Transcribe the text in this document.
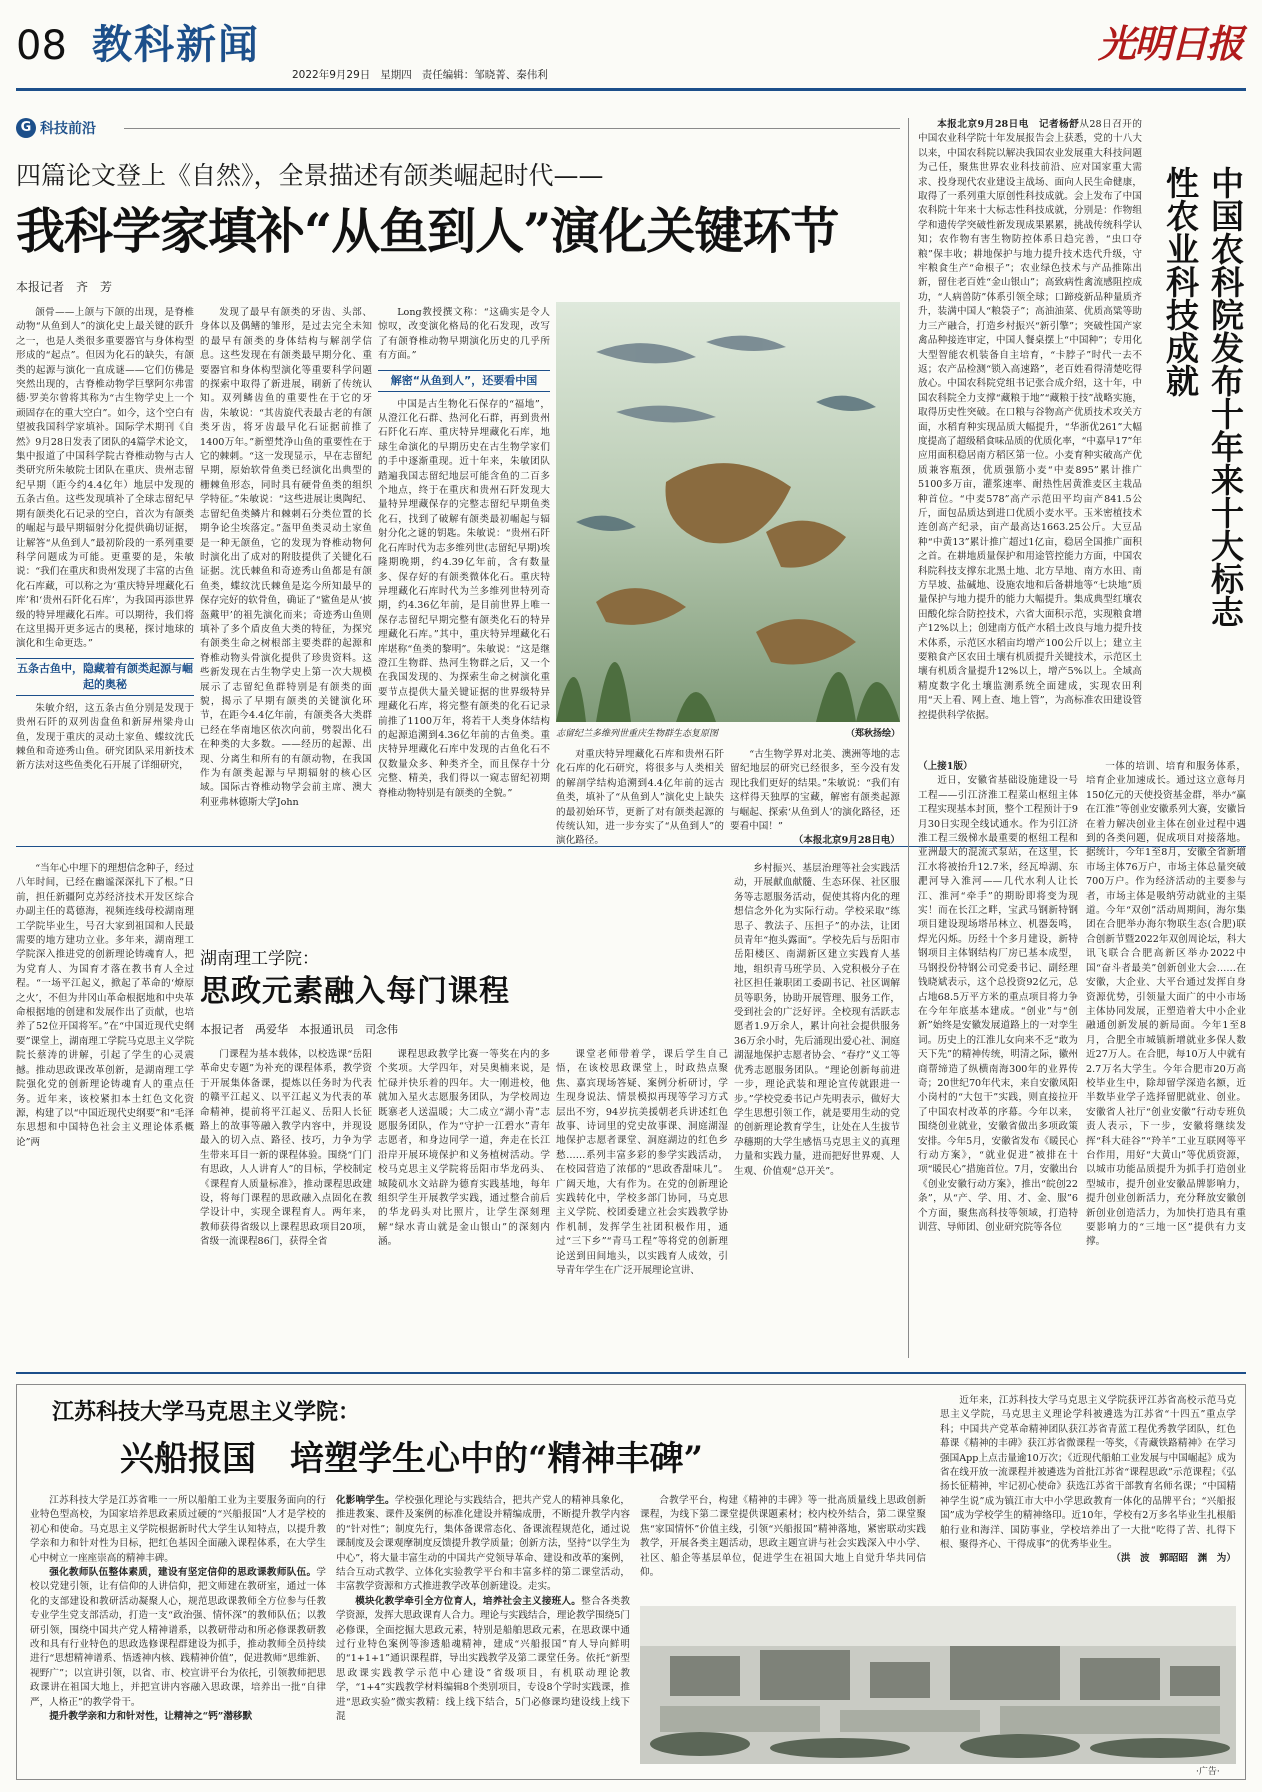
08 教科新闻
2022年9月29日 星期四 责任编辑：邹晓菁、秦伟利
光明日报
G 科技前沿
四篇论文登上《自然》，全景描述有颌类崛起时代——
我科学家填补“从鱼到人”演化关键环节
本报记者　齐　芳

颌骨——上颌与下颌的出现，是脊椎动物“从鱼到人”的演化史上最关键的跃升之一，也是人类很多重要器官与身体构型形成的“起点”。但因为化石的缺失，有颌类的起源与演化一直成谜——它们仿佛是突然出现的，古脊椎动物学巨擘阿尔弗雷德·罗美尔曾将其称为“古生物学史上一个顽固存在的重大空白”。如今，这个空白有望被我国科学家填补。国际学术期刊《自然》9月28日发表了团队的4篇学术论文，集中报道了中国科学院古脊椎动物与古人类研究所朱敏院士团队在重庆、贵州志留纪早期（距今约4.4亿年）地层中发现的五条古鱼。这些发现填补了全球志留纪早期有颌类化石记录的空白，首次为有颌类的崛起与最早期辐射分化提供确切证据，让解答“从鱼到人”最初阶段的一系列重要科学问题成为可能。更重要的是，朱敏说：“我们在重庆和贵州发现了丰富的古鱼化石库藏，可以称之为‘重庆特异埋藏化石库’和‘贵州石阡化石库’，为我国再添世界级的特异埋藏化石库。可以期待，我们将在这里揭开更多远古的奥秘，探讨地球的演化和生命更迭。”

五条古鱼中，隐藏着有颌类起源与崛起的奥秘

朱敏介绍，这五条古鱼分别是发现于贵州石阡的双列齿盘鱼和新屏州梁舟山鱼，发现于重庆的灵动土家鱼、蝶纹沈氏棘鱼和奇迹秀山鱼。研究团队采用新技术新方法对这些鱼类化石开展了详细研究，

发现了最早有颌类的牙齿、头部、身体以及偶鳍的雏形，是过去完全未知的最早有颌类的身体结构与解剖学信息。这些发现在有颌类最早期分化、重要器官和身体构型演化等重要科学问题的探索中取得了新进展，刷新了传统认知。双列鳞齿鱼的重要性在于它的牙齿，朱敏说：“其齿旋代表最古老的有颌类牙齿，将牙齿最早化石证据前推了1400万年。”新塑梵净山鱼的重要性在于它的棘刺。“这一发现显示，早在志留纪早期，原始软骨鱼类已经演化出典型的栅棘鱼形态，同时具有硬骨鱼类的组织学特征。”朱敏说：“这些进展让奥陶纪、志留纪鱼类鳞片和棘刺石分类位置的长期争论尘埃落定。”盔甲鱼类灵动土家鱼是一种无颌鱼，它的发现为脊椎动物何时演化出了成对的附肢提供了关键化石证据。沈氏棘鱼和奇迹秀山鱼都是有颌鱼类，蝶纹沈氏棘鱼是迄今所知最早的保存完好的软骨鱼，确证了“鲨鱼是从‘披盔戴甲’的祖先演化而来；奇迹秀山鱼则填补了多个盾皮鱼大类的特征，为探究有颌类生命之树根部主要类群的起源和脊椎动物头骨演化提供了珍贵资料。这些新发现在古生物学史上第一次大规模展示了志留纪鱼群特别是有颌类的面貌，揭示了早期有颌类的关键演化环节，在距今4.4亿年前，有颌类各大类群已经在华南地区依次向前，劈裂出化石在种类的大多数。——经历的起源、出现、分离生和所有的有颌动物，在我国作为有颌类起源与早期辐射的核心区域。国际古脊椎动物学会前主席、澳大利亚弗林德斯大学John

Long教授撰文称：“这确实是令人惊叹，改变演化格局的化石发现，改写了有颌脊椎动物早期演化历史的几乎所有方面。”

解密“从鱼到人”，还要看中国

中国是古生物化石保存的“福地”，从澄江化石群、热河化石群，再到贵州石阡化石库、重庆特异埋藏化石库，地球生命演化的早期历史在古生物学家们的手中逐渐重现。近十年来，朱敏团队踏遍我国志留纪地层可能含鱼的二百多个地点，终于在重庆和贵州石阡发现大量特异埋藏保存的完整志留纪早期鱼类化石，找到了破解有颌类最初崛起与辐射分化之谜的钥匙。朱敏说：“贵州石阡化石库时代为志多维列世(志留纪早期)埃隆期晚期，约4.39亿年前，含有数量多、保存好的有颌类微体化石。重庆特异埋藏化石库时代为兰多维列世特列奇期，约4.36亿年前，是目前世界上唯一保存志留纪早期完整有颌类化石的特异埋藏化石库。”其中，重庆特异埋藏化石库堪称“鱼类的黎明”。朱敏说：“这是继澄江生物群、热河生物群之后，又一个在我国发现的、为探索生命之树演化重要节点提供大量关键证据的世界级特异埋藏化石库，将完整有颌类的化石记录前推了1100万年，将若干人类身体结构的起源追溯到4.36亿年前的古鱼类。重庆特异埋藏化石库中发现的古鱼化石不仅数量众多、种类齐全，而且保存十分完整、精美，我们得以一窥志留纪初期脊椎动物特别是有颌类的全貌。”

志留纪兰多维列世重庆生物群生态复原图	（郑秋扬绘）

对重庆特异埋藏化石库和贵州石阡化石库的化石研究，将很多与人类相关的解剖学结构追溯到4.4亿年前的远古鱼类，填补了“从鱼到人”演化史上缺失的最初始环节，更新了对有颌类起源的传统认知，进一步夯实了“从鱼到人”的演化路径。

“古生物学界对北美、澳洲等地的志留纪地层的研究已经很多，至今没有发现比我们更好的结果。”朱敏说：“我们有这样得天独厚的宝藏，解密有颌类起源与崛起、探索‘从鱼到人’的演化路径，还要看中国！”

（本报北京9月28日电）
中国农科院发布十年来十大标志性农业科技成就

本报北京9月28日电　记者杨舒从28日召开的中国农业科学院十年发展报告会上获悉，党的十八大以来，中国农科院以解决我国农业发展重大科技问题为己任，聚焦世界农业科技前沿、应对国家重大需求、投身现代农业建设主战场、面向人民生命健康，取得了一系列重大原创性科技成就。会上发布了中国农科院十年来十大标志性科技成就，分别是：作物组学和遗传学突破性新发现成果累累，挑战传统科学认知；农作物有害生物防控体系日趋完善，“虫口夺粮”保丰收；耕地保护与地力提升技术迭代升级，守牢粮食生产“命根子”；农业绿色技术与产品推陈出新，留住老百姓“金山银山”；高致病性禽流感阻控成功，“人病兽防”体系引领全球；口蹄疫新品种量质齐升，装满中国人“粮袋子”；高油油菜、优质高粱等助力三产融合，打造乡村振兴“新引擎”；突破性国产家禽品种接连审定，中国人餐桌摆上“中国种”；专用化大型智能农机装备自主培育，“卡脖子”时代一去不返；农产品检测“锁入高速路”，老百姓看得清楚吃得放心。中国农科院党组书记张合成介绍，这十年，中国农科院全力支撑“藏粮于地”“藏粮于技”战略实施，取得历史性突破。在口粮与谷物高产优质技术攻关方面，水稻育种实现品质大幅提升，“华浙优261”大幅度提高了超级稻食味品质的优质化率，“中嘉早17”年应用面积稳居南方稻区第一位。小麦育种实破高产优质兼容瓶颈，优质强筋小麦“中麦895”累计推广5100多万亩，灌浆速率、耐热性居黄淮麦区主栽品种首位。“中麦578”高产示范田平均亩产841.5公斤，面包品质达到进口优质小麦水平。玉米密植技术连创高产纪录，亩产最高达1663.25公斤。大豆品种“中黄13”累计推广超过1亿亩，稳居全国推广面积之首。在耕地质量保护和用途管控能力方面，中国农科院科技支撑东北黑土地、北方旱地、南方水田、南方旱坡、盐碱地、设施农地和后备耕地等“七块地”质量保护与地力提升的能力大幅提升。集成典型红壤农田酸化综合防控技术，六省大面积示范，实现粮食增产12%以上；创建南方低产水稻土改良与地力提升技术体系，示范区水稻亩均增产100公斤以上；建立主要粮食产区农田土壤有机质提升关键技术，示范区土壤有机质含量提升12%以上，增产5%以上。全域高精度数字化土壤监测系统全面建成，实现农田利用“天上看、网上查、地上管”，为高标准农田建设管控提供科学依据。

湖南理工学院：
思政元素融入每门课程
本报记者　禹爱华　本报通讯员　司念伟

“当年心中埋下的理想信念种子，经过八年时间，已经在幽谧深深扎下了根。”日前，担任新疆阿克苏经济技术开发区综合办副主任的葛德海，视频连线母校湖南理工学院毕业生，号召大家到祖国和人民最需要的地方建功立业。多年来，湖南理工学院深入推进党的创新理论铸魂育人，把为党育人、为国育才落在教书育人全过程。“一场平江起义，掀起了革命的‘燎原之火’，不但为井冈山革命根据地和中央革命根据地的创建和发展作出了贡献，也培养了52位开国将军。”在“中国近现代史纲要”课堂上，湖南理工学院马克思主义学院院长蔡涛的讲解，引起了学生的心灵震撼。推动思政课改革创新，是湖南理工学院强化党的创新理论铸魂育人的重点任务。近年来，该校紧扣本土红色文化资源，构建了以“中国近现代史纲要”和“毛泽东思想和中国特色社会主义理论体系概论”两

门课程为基本载体，以校选课“岳阳革命史专题”为补充的课程体系，教学资于开展集体备课，提炼以任务时为代表的赣平江起义、以平江起义为代表的革命精神，提前将平江起义、岳阳人长征路上的故事等融入教学内容中，并现设最入的切入点、路径、技巧，力争为学生带来耳目一新的课程体验。围绕“门门有思政，人人讲育人”的目标，学校制定《课程育人质量标准》，推动课程思政建设，将每门课程的思政融入点固化在教学设计中，实现全课程育人。两年来，教师获得省级以上课程思政项目20项，省级一流课程86门，获得全省

课程思政教学比赛一等奖在内的多个奖项。大学四年，对吴奥楠来说，是忙碌并快乐着的四年。大一刚进校，他就加入星火志愿服务团队，为学校周边既寨老人送温暖；大二成立“湖小青”志愿服务团队，作为“守护一江碧水”青年志愿者，和身边同学一道，奔走在长江沿岸开展环境保护和义务植树活动。学校马克思主义学院将岳阳市华龙码头、城陵矶水文站辟为德育实践基地，每年组织学生开展教学实践，通过整合前后的华龙码头对比照片，让学生深刻理解“绿水青山就是金山银山”的深刻内涵。

课堂老师带着学，课后学生自己悟，在该校思政课堂上，时政热点聚焦、嘉宾现场答疑、案例分析研讨，学生现身说法、情景模拟再现等学习方式层出不穷，94岁抗美援朝老兵讲述红色故事、诗词里的党史故事课、洞庭湖湿地保护志愿者课堂、洞庭湖边的红色乡愁……系列丰富多彩的参学实践活动，在校园营造了浓郁的“思政香甜味儿”。广阔天地，大有作为。在党的创新理论实践转化中，学校多部门协同，马克思主义学院、校团委建立社会实践教学协作机制，发挥学生社团积极作用，通过“三下乡”“青马工程”等将党的创新理论送到田间地头，以实践育人成效，引导青年学生在广泛开展理论宣讲、

乡村振兴、基层治理等社会实践活动，开展献血献髓、生态环保、社区服务等志愿服务活动，促使其将内化的理想信念外化为实际行动。学校采取“练思子、教法子、压担子”的办法，让团员青年“抱头露面”。学校先后与岳阳市岳阳楼区、南湖新区建立实践育人基地，组织青马班学员、入党积极分子在社区担任兼职团工委副书记、社区调解员等职务，协助开展管理、服务工作，受到社会的广泛好评。全校现有活跃志愿者1.9万余人，累计向社会提供服务36万余小时，先后涌现出爱心社、洞庭湖湿地保护志愿者协会、“春疗”义工等优秀志愿服务团队。“理论创新每前进一步，理论武装和理论宣传就跟进一步。”学校党委书记卢先明表示，做好大学生思想引领工作，就是要用生动的党的创新理论教育学生，让处在人生拔节孕穗期的大学生感悟马克思主义的真理力量和实践力量，进而把好世界观、人生观、价值观“总开关”。

（上接1版）

近日，安徽省基础设施建设一号工程——引江济淮工程菜山枢纽主体工程实现基本封顶，整个工程预计于9月30日实现全线试通水。作为引江济淮工程三级梯水最重要的枢纽工程和亚洲最大的混流式泵站，在这里，长江水将被抬升12.7米，经瓦埠湖、东淝河导入淮河——几代水利人让长江、淮河“牵手”的期盼即将变为现实！而在长江之畔，宝武马钢新特钢项目建设现场塔吊林立、机器轰鸣，焊光闪烁。历经十个多月建设，新特钢项目主体钢结构厂房已基本成型，马钢投份特钢公司党委书记、副经理钱晓斌表示，这个总投资92亿元，总占地68.5万平方米的重点项目将力争在今年年底基本建成。“创业”与“创新”始终是安徽发展道路上的一对孪生词。历史上的江淮儿女向来不乏“敢为天下先”的精神传统，明清之际，徽州商帮缔造了纵横南海300年的业界传奇；20世纪70年代末，来自安徽凤阳小岗村的“大包干”实践，则直接拉开了中国农村改革的序幕。今年以来，围绕创业就业，安徽省做出多项政策安排。今年5月，安徽省发布《暖民心行动方案》，“就业促进”被排在十项“暖民心”措施首位。7月，安徽出台《创业安徽行动方案》，推出“皖创22条”，从“产、学、用、才、金、服”6个方面，聚焦高科技等领域，打造特训营、导师团、创业研究院等各位

一体的培训、培育和服务体系，培育企业加速成长。通过这立意每月150亿元的天使投资基金群，举办“赢在江淮”等创业安徽系列大赛，安徽旨在着力解决创业主体在创业过程中遇到的各类问题，促成项目对接落地。据统计，今年1至8月，安徽全省新增市场主体76万户，市场主体总量突破700万户。作为经济活动的主要参与者，市场主体是吸纳劳动就业的主渠道。今年“双创”活动周期间，海尔集团在合肥举办海尔物联生态(合肥)联合创新节暨2022年双创周论坛，科大讯飞联合合肥高新区举办2022中国“奋斗者最美”创新创业大会……在安徽，大企业、大平台通过发挥自身资源优势，引领量大面广的中小市场主体协同发展，正塑造着大中小企业融通创新发展的新局面。今年1至8月，合肥全市城镇新增就业多保人数近27万人。在合肥，每10万人中就有2.7万名大学生。今年合肥市20万高校毕业生中，除却留学深造名额，近半数毕业学子选择留肥就业、创业。安徽省人社厅“创业安徽”行动专班负责人表示，下一步，安徽将继续发挥“科大硅谷”“羚羊”工业互联网等平台作用，用好“大黄山”等优质资源，以城市功能品质提升为抓手打造创业型城市，提升创业安徽品牌影响力，提升创业创新活力，充分释放安徽创新创业创造活力，为加快打造具有重要影响力的“三地一区”提供有力支撑。

江苏科技大学马克思主义学院：
兴船报国　培塑学生心中的“精神丰碑”

江苏科技大学是江苏省唯一一所以船舶工业为主要服务面向的行业特色型高校，为国家培养思政素质过硬的“兴船报国”人才是学校的初心和使命。马克思主义学院根据新时代大学生认知特点，以提升教学亲和力和针对性为目标，把红色基因全面融入课程体系，在大学生心中树立一座座崇高的精神丰碑。

强化教师队伍整体素质，建设有坚定信仰的思政课教师队伍。学校以党建引领，让有信仰的人讲信仰，把文师建在教研室，通过一体化的支部建设和教研活动凝聚人心，规范思政课教师全方位参与任教专业学生党支部活动，打造一支“政治强、情怀深”的教师队伍；以教研引领，围绕中国共产党人精神谱系，以教研带动和所必修课教研教改和具有行业特色的思政选修课程群建设为抓手，推动教师全员持续进行“思想精神谱系、悟透神内核、践精神价值”，促进教师“思维新、视野广”；以宣讲引领，以省、市、校宣讲平台为依托，引领教师把思政课讲在祖国大地上，并把宣讲内容融入思政课，培养出一批“自律严，人格正”的教学骨干。

提升教学亲和力和针对性，让精神之“钙”潜移默

化影响学生。学校强化理论与实践结合，把共产党人的精神具象化，推进教案、课件及案例的标准化建设并精编成册，不断提升教学内容的“针对性”；制度先行，集体备课常态化、备课流程规范化，通过说课制度及会课观摩制度反馈提升教学质量；创新方法，坚持“以学生为中心”，将大量丰富生动的中国共产党领导革命、建设和改革的案例，结合互动式教学、立体化实验教学平台和丰富多样的第二课堂活动，丰富教学资源和方式推进教学改革创新建设。走实。

模块化教学牵引全方位育人，培养社会主义接班人。整合各类教学资源，发挥大思政课育人合力。理论与实践结合，理论教学围绕5门必修课，全面挖掘大思政元素，特别是船舶思政元素，在思政课中通过行业特色案例等渗透船魂精神，建成“兴船报国”育人导向鲜明的“1+1+1”通识课程群，导出实践教学及第二课堂任务。依托“新型思政课实践教学示范中心建设”省级项目，有机联动理论教学，“1+4”实践教学材料编辑8个类别项目，专设8个学时实践课，推进“思政实验”微实教精：线上线下结合，5门必修课均建设线上线下混

合教学平台，构建《精神的丰碑》等一批高质量线上思政创新课程，为线下第二课堂提供课题素材；校内校外结合，第二课堂聚焦“家国情怀”价值主线，引领“兴船报国”精神落地，紧密联动实践教学，开展各类主题活动，思政主题宣讲与社会实践深入中小学、社区、船企等基层单位，促进学生在祖国大地上自觉升华共同信仰。

近年来，江苏科技大学马克思主义学院获评江苏省高校示范马克思主义学院，马克思主义理论学科被遴选为江苏省“十四五”重点学科；中国共产党革命精神团队获江苏省青蓝工程优秀教学团队，红色幕课《精神的丰碑》获江苏省微课程一等奖，《青藏铁路精神》在学习强国App上点击量逾10万次；《近现代船舶工业发展与中国崛起》成为省在线开放一流课程并被遴选为首批江苏省“课程思政”示范课程；《弘扬长征精神，牢记初心使命》获选江苏省干部教育名师名课；“中国精神学生说”成为镇江市大中小学思政教育一体化的品牌平台；“兴船报国”成为学校学生的精神络印。近10年，学校有2万多名毕业生扎根船舶行业和海洋、国防事业，学校培养出了一大批“吃得了苦、扎得下根、聚得齐心、干得成事”的优秀毕业生。

（洪　波　郭昭昭　渊　为）
·广告·
